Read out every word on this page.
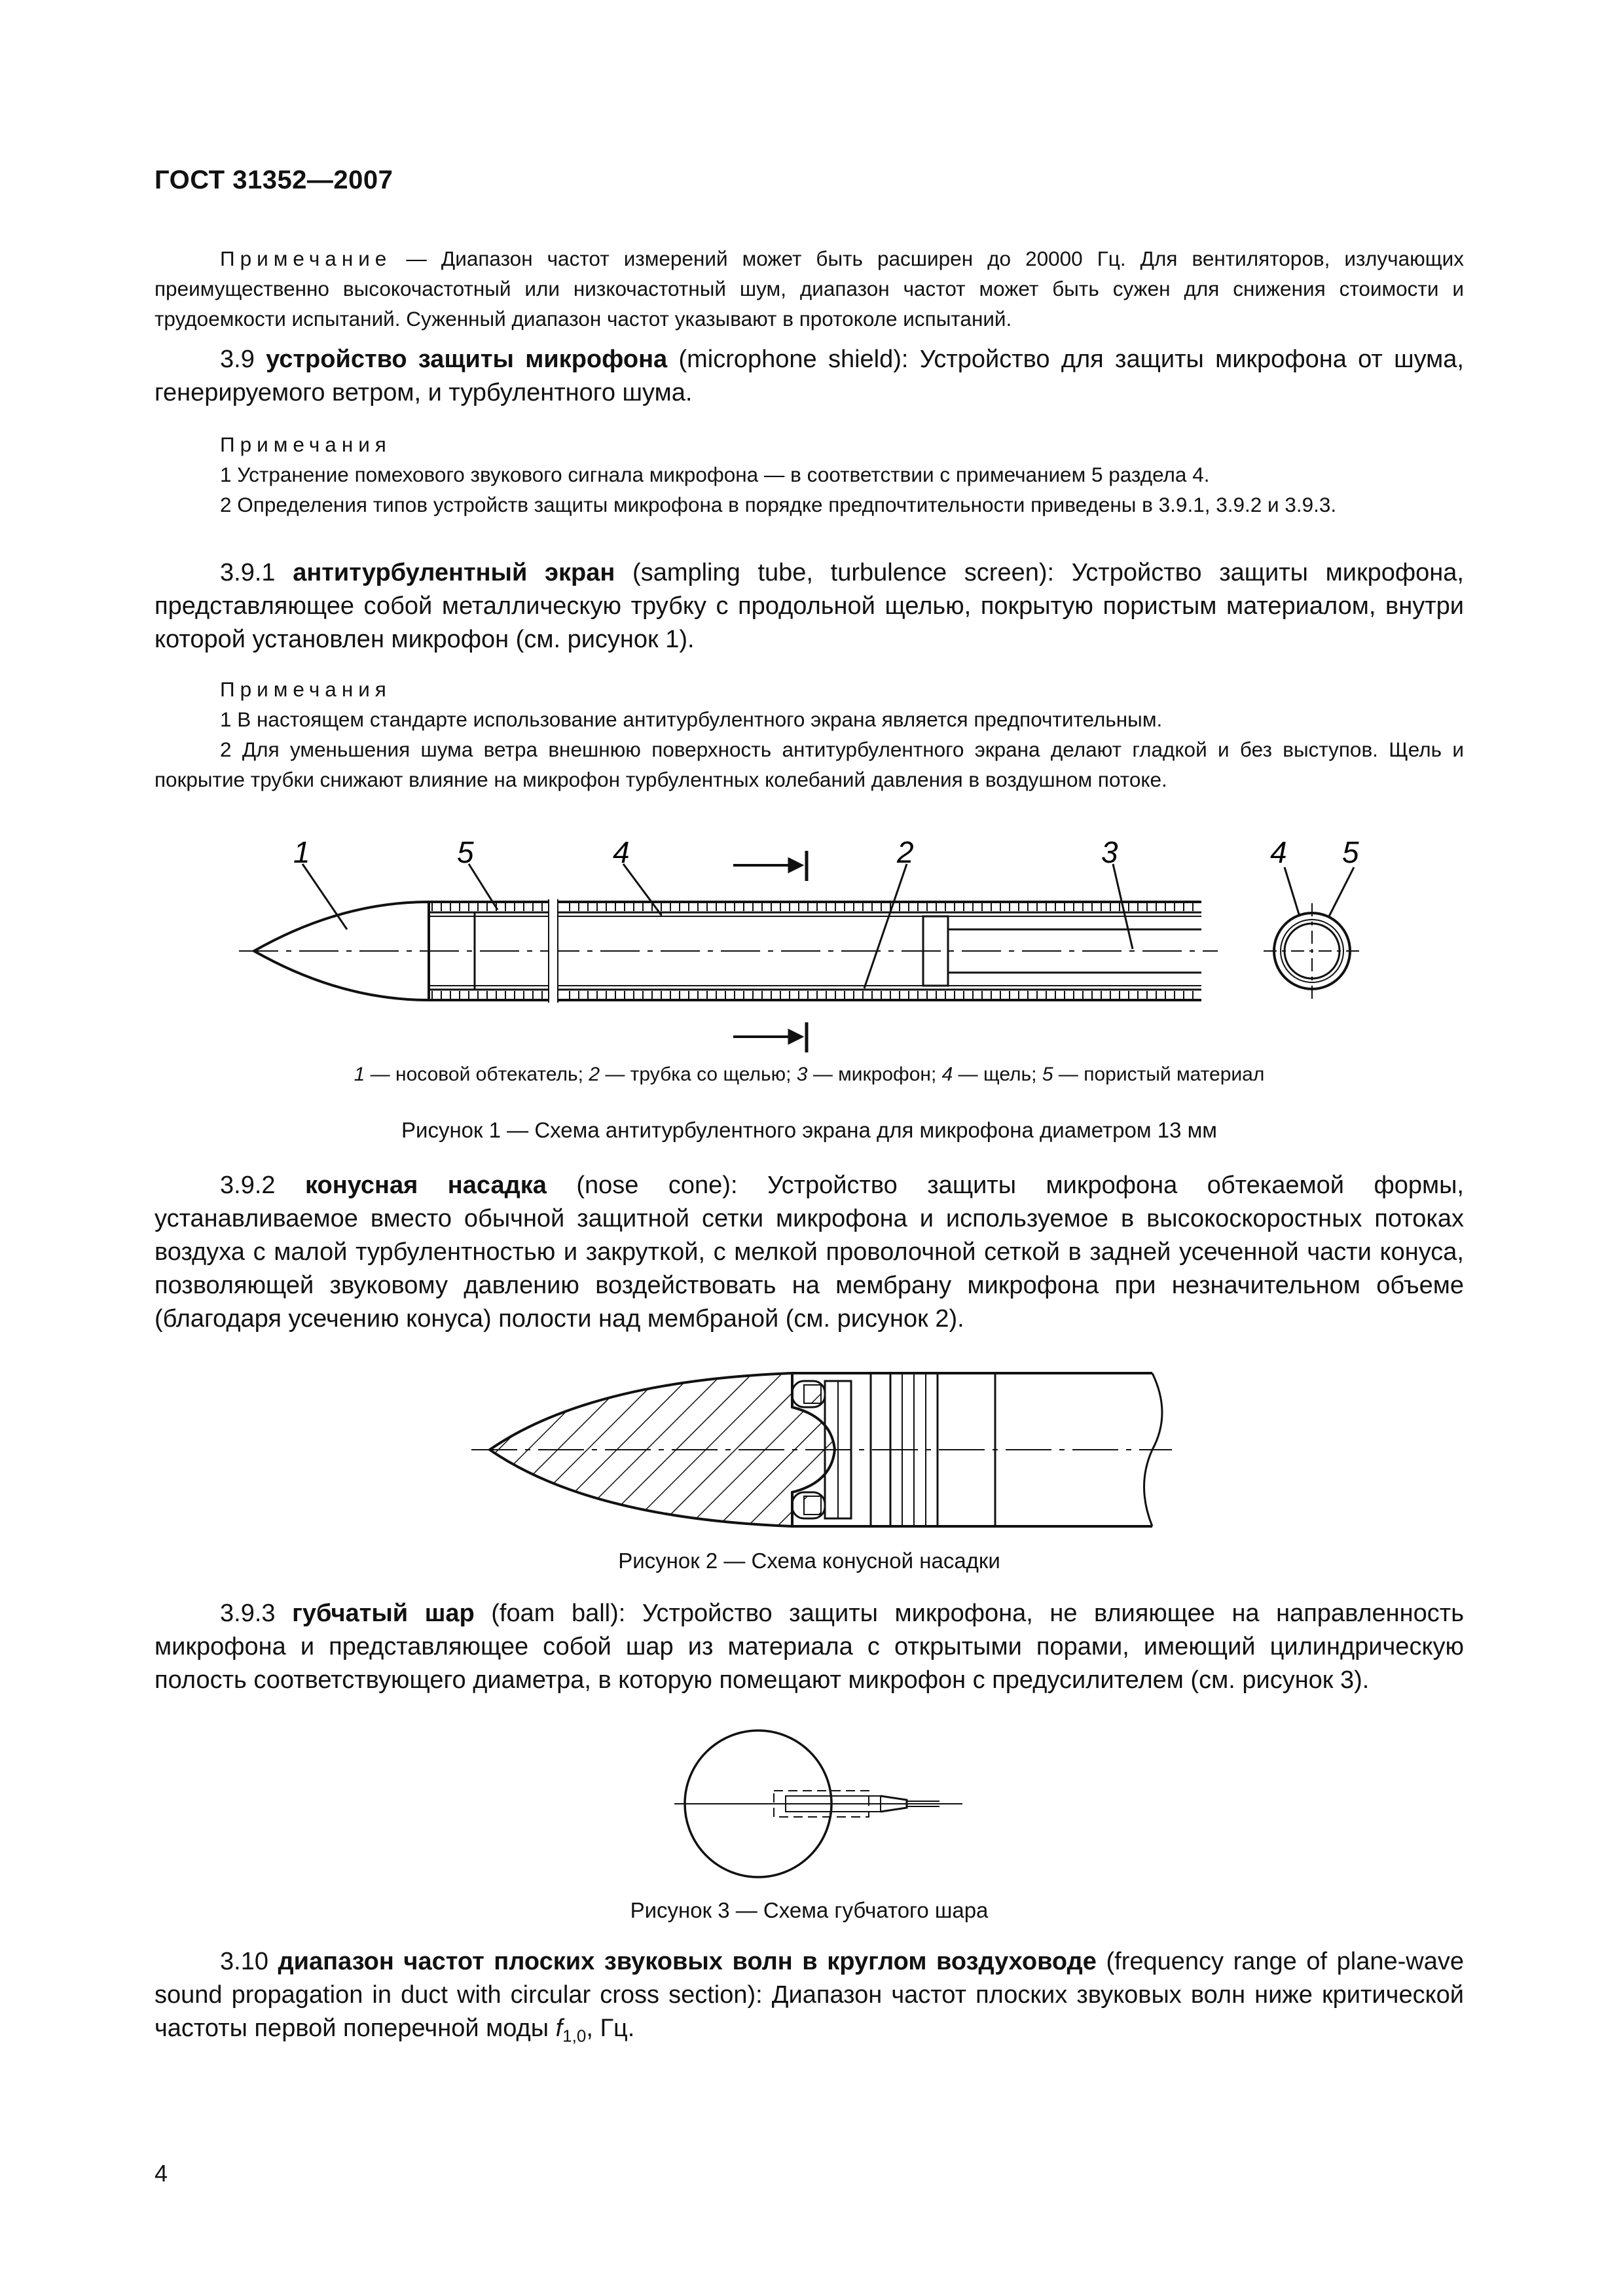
ГОСТ 31352—2007
Примечание — Диапазон частот измерений может быть расширен до 20000 Гц. Для вентиляторов, излучающих преимущественно высокочастотный или низкочастотный шум, диапазон частот может быть сужен для снижения стоимости и трудоемкости испытаний. Суженный диапазон частот указывают в протоколе испытаний.
3.9 устройство защиты микрофона (microphone shield): Устройство для защиты микрофона от шума, генерируемого ветром, и турбулентного шума.
Примечания
1 Устранение помехового звукового сигнала микрофона — в соответствии с примечанием 5 раздела 4.
2 Определения типов устройств защиты микрофона в порядке предпочтительности приведены в 3.9.1, 3.9.2 и 3.9.3.
3.9.1 антитурбулентный экран (sampling tube, turbulence screen): Устройство защиты микрофона, представляющее собой металлическую трубку с продольной щелью, покрытую пористым материалом, внутри которой установлен микрофон (см. рисунок 1).
Примечания
1 В настоящем стандарте использование антитурбулентного экрана является предпочтительным.
2 Для уменьшения шума ветра внешнюю поверхность антитурбулентного экрана делают гладкой и без выступов. Щель и покрытие трубки снижают влияние на микрофон турбулентных колебаний давления в воздушном потоке.
1	5	4	2	3	4 5
1 — носовой обтекатель; 2 — трубка со щелью; 3 — микрофон; 4 — щель; 5 — пористый материал
Рисунок 1 — Схема антитурбулентного экрана для микрофона диаметром 13 мм
3.9.2 конусная насадка (nose cone): Устройство защиты микрофона обтекаемой формы, устанавливаемое вместо обычной защитной сетки микрофона и используемое в высокоскоростных потоках воздуха с малой турбулентностью и закруткой, с мелкой проволочной сеткой в задней усеченной части конуса, позволяющей звуковому давлению воздействовать на мембрану микрофона при незначительном объеме (благодаря усечению конуса) полости над мембраной (см. рисунок 2).
Рисунок 2 — Схема конусной насадки
3.9.3 губчатый шар (foam ball): Устройство защиты микрофона, не влияющее на направленность микрофона и представляющее собой шар из материала с открытыми порами, имеющий цилиндрическую полость соответствующего диаметра, в которую помещают микрофон с предусилителем (см. рисунок 3).
Рисунок 3 — Схема губчатого шара
3.10 диапазон частот плоских звуковых волн в круглом воздуховоде (frequency range of plane-wave sound propagation in duct with circular cross section): Диапазон частот плоских звуковых волн ниже критической частоты первой поперечной моды $f_{1,0}$, Гц.
4
